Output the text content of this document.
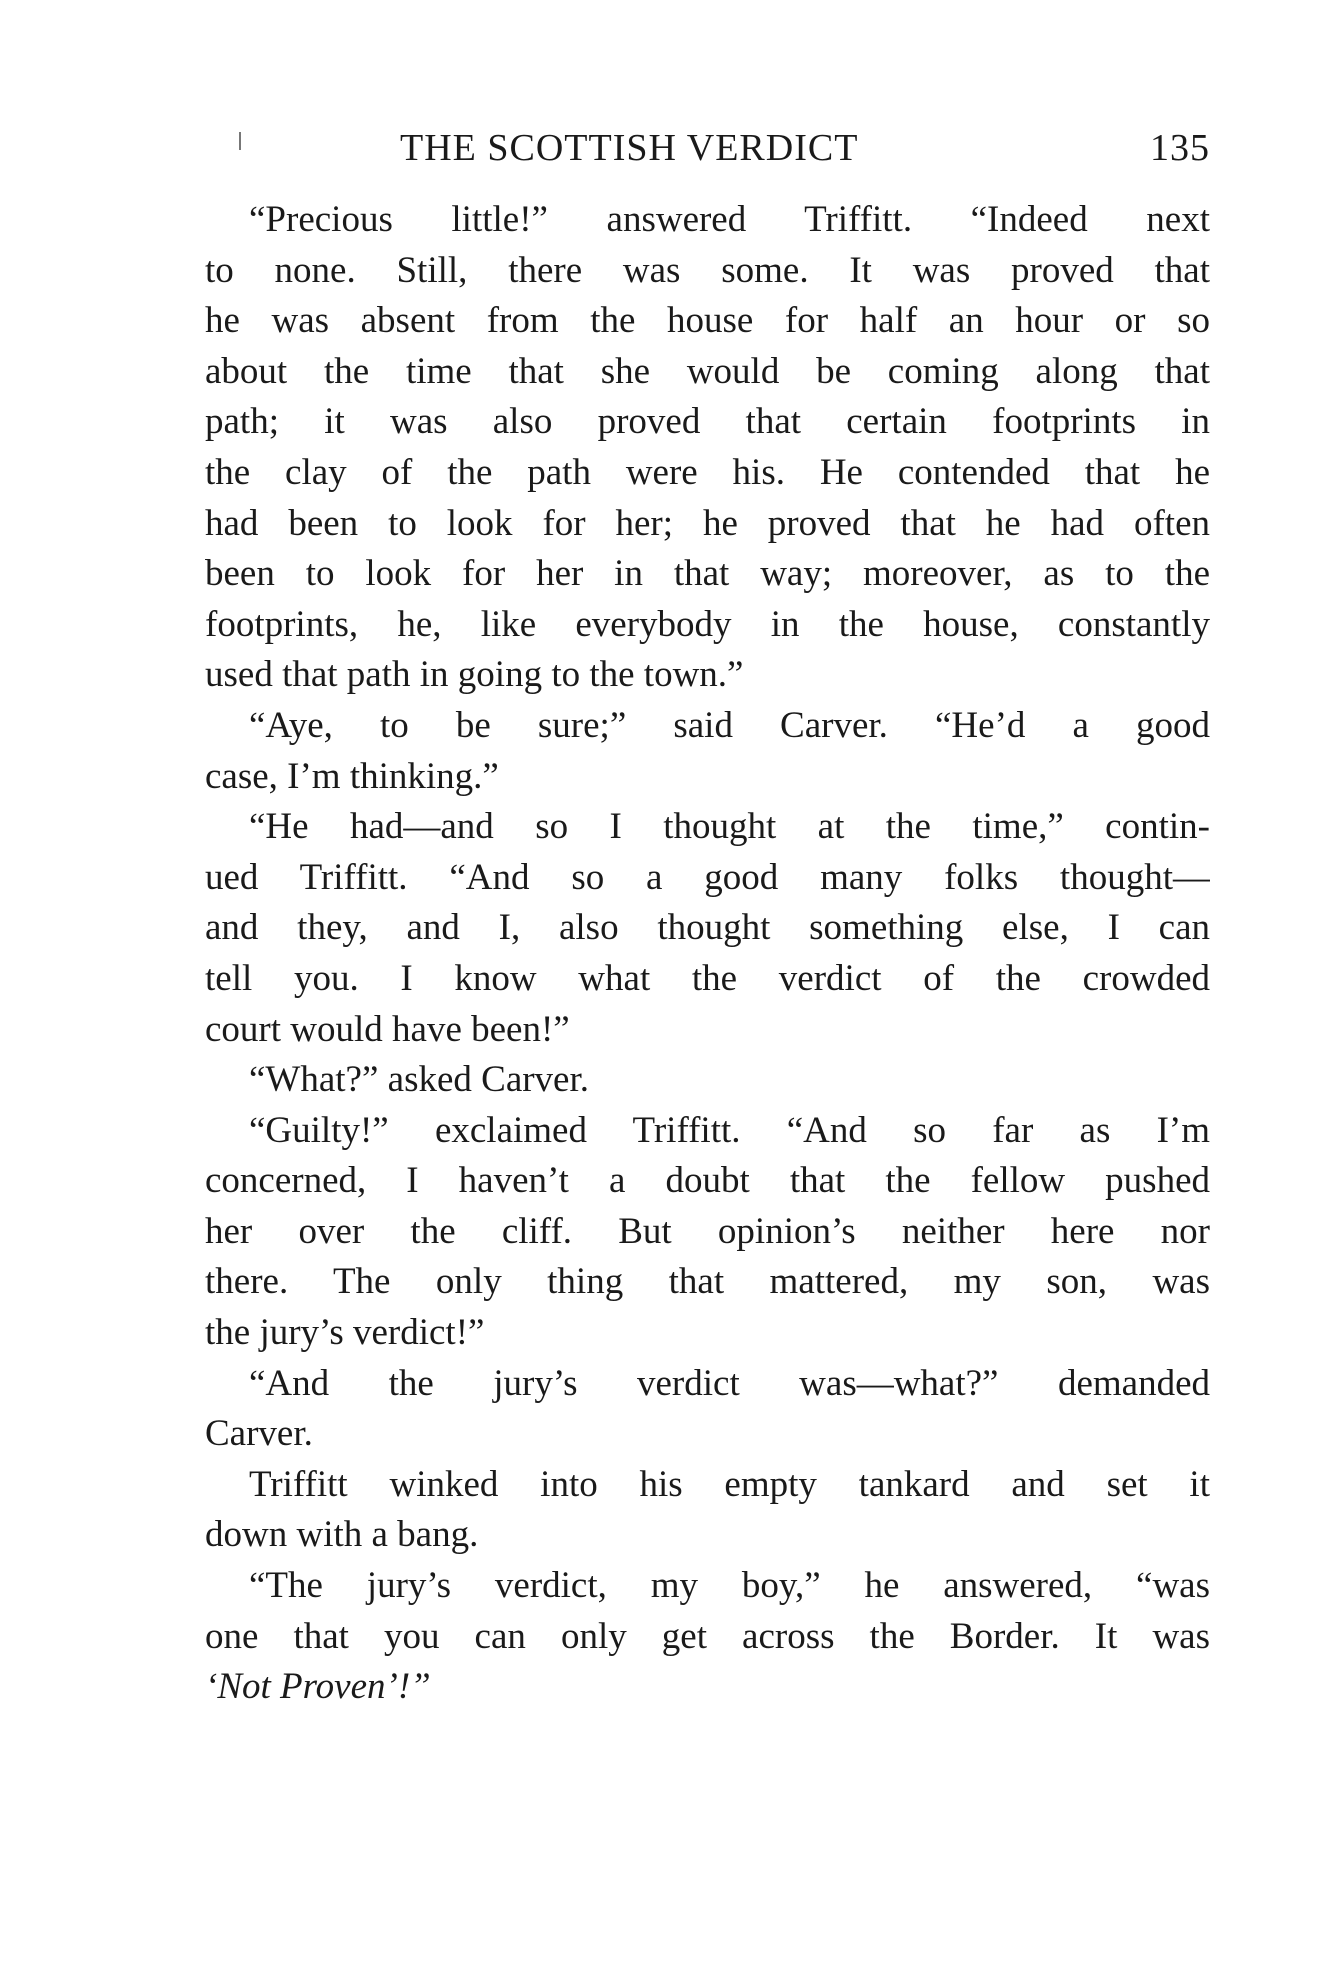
THE SCOTTISH VERDICT	135
“Precious little!” answered Triffitt. “Indeed next
to none. Still, there was some. It was proved that
he was absent from the house for half an hour or so
about the time that she would be coming along that
path; it was also proved that certain footprints in
the clay of the path were his. He contended that he
had been to look for her; he proved that he had often
been to look for her in that way; moreover, as to the
footprints, he, like everybody in the house, constantly
used that path in going to the town.”
“Aye, to be sure;” said Carver. “He’d a good
case, I’m thinking.”
“He had—and so I thought at the time,” contin-
ued Triffitt. “And so a good many folks thought—
and they, and I, also thought something else, I can
tell you. I know what the verdict of the crowded
court would have been!”
“What?” asked Carver.
“Guilty!” exclaimed Triffitt. “And so far as I’m
concerned, I haven’t a doubt that the fellow pushed
her over the cliff. But opinion’s neither here nor
there. The only thing that mattered, my son, was
the jury’s verdict!”
“And the jury’s verdict was—what?” demanded
Carver.
Triffitt winked into his empty tankard and set it
down with a bang.
“The jury’s verdict, my boy,” he answered, “was
one that you can only get across the Border. It was
‘Not Proven’!”
